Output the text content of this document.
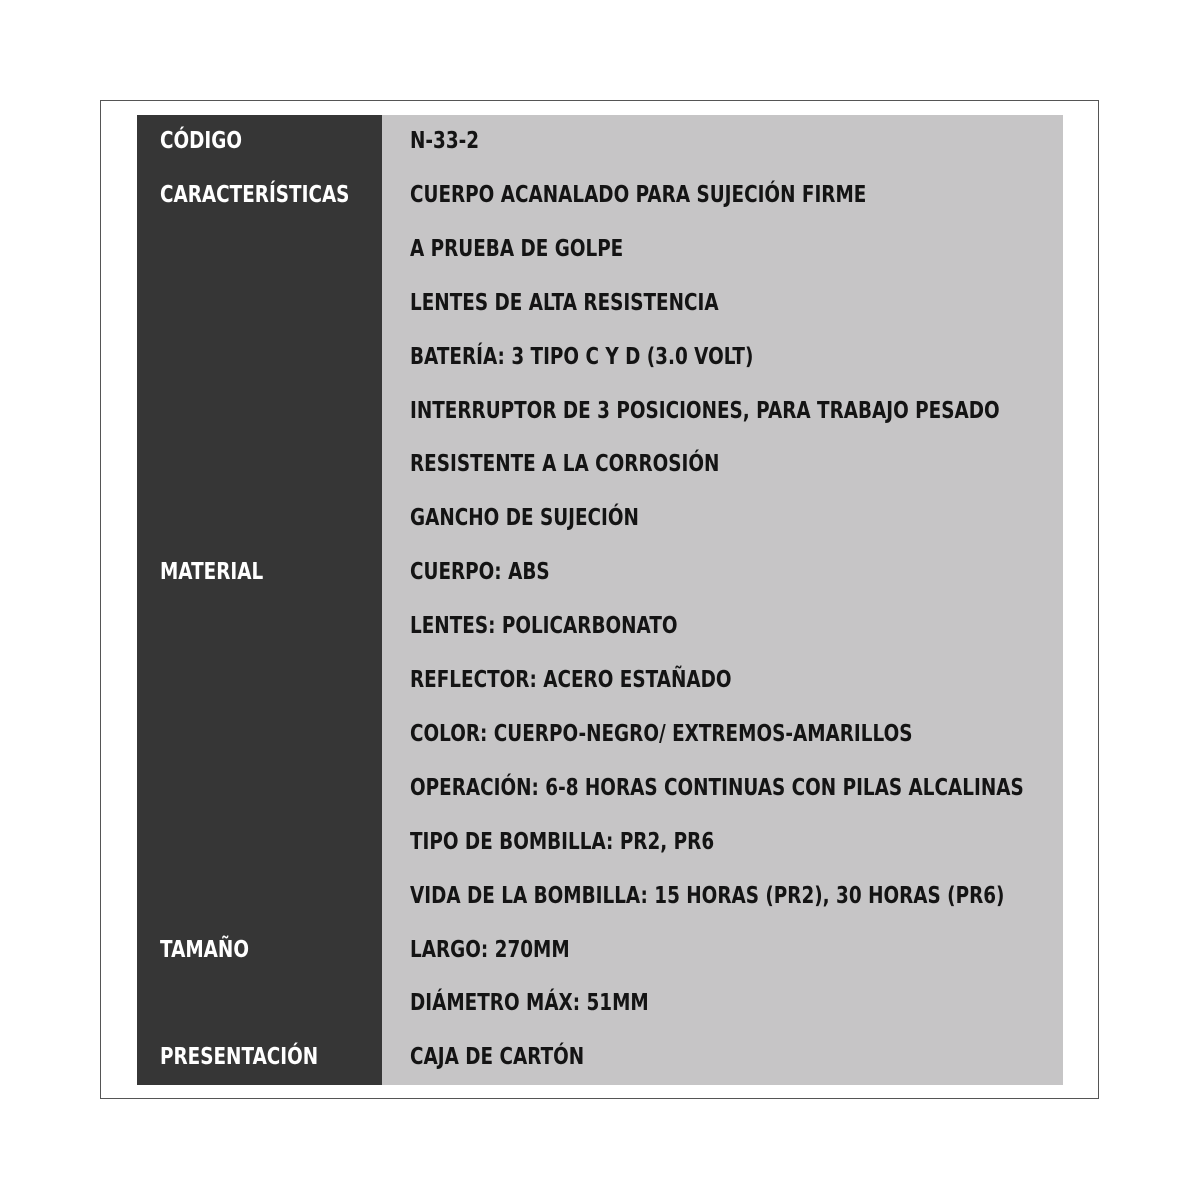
CÓDIGO
CARACTERÍSTICAS
MATERIAL
TAMAÑO
PRESENTACIÓN
N-33-2
CUERPO ACANALADO PARA SUJECIÓN FIRME
A PRUEBA DE GOLPE
LENTES DE ALTA RESISTENCIA
BATERÍA: 3 TIPO C Y D (3.0 VOLT)
INTERRUPTOR DE 3 POSICIONES, PARA TRABAJO PESADO
RESISTENTE A LA CORROSIÓN
GANCHO DE SUJECIÓN
CUERPO: ABS
LENTES: POLICARBONATO
REFLECTOR: ACERO ESTAÑADO
COLOR: CUERPO-NEGRO/ EXTREMOS-AMARILLOS
OPERACIÓN: 6-8 HORAS CONTINUAS CON PILAS ALCALINAS
TIPO DE BOMBILLA: PR2, PR6
VIDA DE LA BOMBILLA: 15 HORAS (PR2), 30 HORAS (PR6)
LARGO: 270MM
DIÁMETRO MÁX: 51MM
CAJA DE CARTÓN
